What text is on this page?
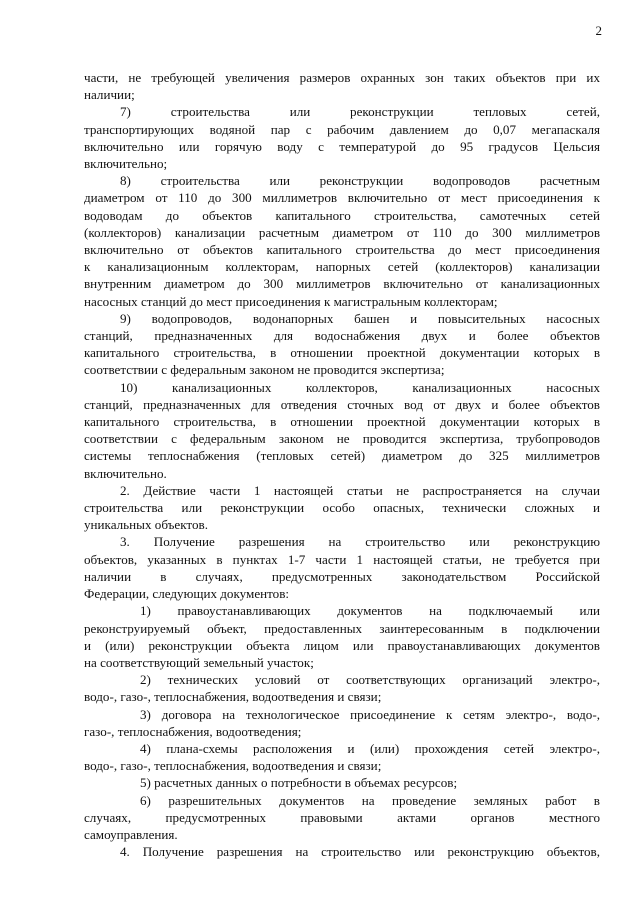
2

части, не требующей увеличения размеров охранных зон таких объектов при их

наличии;

7) строительства или реконструкции тепловых сетей,

транспортирующих водяной пар с рабочим давлением до 0,07 мегапаскаля

включительно или горячую воду с температурой до 95 градусов Цельсия

включительно;

8) строительства или реконструкции водопроводов расчетным

диаметром от 110 до 300 миллиметров включительно от мест присоединения к

водоводам до объектов капитального строительства, самотечных сетей

(коллекторов) канализации расчетным диаметром от 110 до 300 миллиметров

включительно от объектов капитального строительства до мест присоединения

к канализационным коллекторам, напорных сетей (коллекторов) канализации

внутренним диаметром до 300 миллиметров включительно от канализационных

насосных станций до мест присоединения к магистральным коллекторам;

9) водопроводов, водонапорных башен и повысительных насосных

станций, предназначенных для водоснабжения двух и более объектов

капитального строительства, в отношении проектной документации которых в

соответствии с федеральным законом не проводится экспертиза;

10) канализационных коллекторов, канализационных насосных

станций, предназначенных для отведения сточных вод от двух и более объектов

капитального строительства, в отношении проектной документации которых в

соответствии с федеральным законом не проводится экспертиза, трубопроводов

системы теплоснабжения (тепловых сетей) диаметром до 325 миллиметров

включительно.

2. Действие части 1 настоящей статьи не распространяется на случаи

строительства или реконструкции особо опасных, технически сложных и

уникальных объектов.

3. Получение разрешения на строительство или реконструкцию

объектов, указанных в пунктах 1-7 части 1 настоящей статьи, не требуется при

наличии в случаях, предусмотренных законодательством Российской

Федерации, следующих документов:

1) правоустанавливающих документов на подключаемый или

реконструируемый объект, предоставленных заинтересованным в подключении

и (или) реконструкции объекта лицом или правоустанавливающих документов

на соответствующий земельный участок;

2) технических условий от соответствующих организаций электро-,

водо-, газо-, теплоснабжения, водоотведения и связи;

3) договора на технологическое присоединение к сетям электро-, водо-,

газо-, теплоснабжения, водоотведения;

4) плана-схемы расположения и (или) прохождения сетей электро-,

водо-, газо-, теплоснабжения, водоотведения и связи;

5) расчетных данных о потребности в объемах ресурсов;

6) разрешительных документов на проведение земляных работ в

случаях, предусмотренных правовыми актами органов местного

самоуправления.

4. Получение разрешения на строительство или реконструкцию объектов,
